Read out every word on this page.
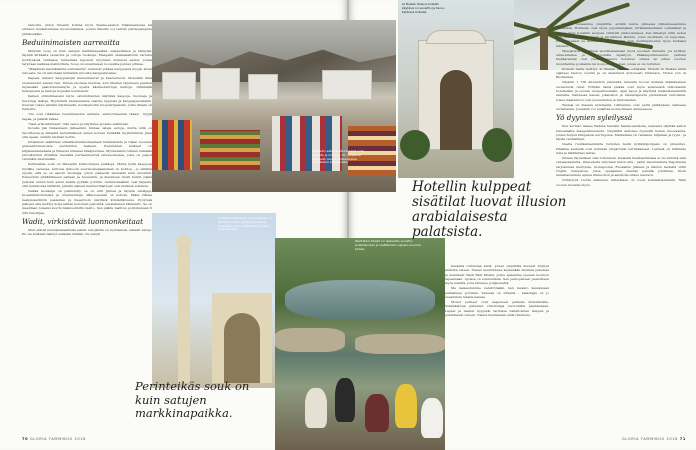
ramoilla. Aidon Omanin kohtaa myös Siekka-asekon Siljanisaaressa tai sinnuun lisukstteteissa huomoraksissa, joiden läheille voi tehtiin päiväopangista päiväseikäin.

Beduiinimaisten aarreaitta

Muttrah souq on kuin satujen markkinapaikka: salaperäinen ja hämyisä, täynnä kirkkaita tavaroita ja outoja tuoksuja. Masqatin satamalaiturin varrelle levittyvässä vanhassa tunnelmaa hajoavat myymien mukavat saulut, joissa tarjotaan kaikkea mahdollista. Souq on omanilaisen boowellia-puiden pihkaa.

"Maailman laadukkainta suitsuketta", kehuivat pihkaa kauppaava myyjä, alvan tehoesta. Se oli aikoinaan kullankin arvoista kauppatavaraa.

Kapeat, katetut kauppakujat kiemurtelevat ja haarautuvat. Monetäin tiiliä suurennetut saman tien. Ennen huomaa muutua, kun lihaiten täpöiseen paetten mylessään paalotinutmelsyta ja upeita käsinsolmittuja mattoja, värikkäitä huiluspusta ja kavioja hopeisin koristeluin.

Kaiken ohikulkiessani myös ostomidiaisten käytiksä kaupoja, huomaja ja kuvioluja laikoja. Hyyminvin kaivaessansa osaista, lippuala ja kauppapaussiakin. Suurien tukeu silmäni näyttelevän, koristemollin huopatripsaisiin, jotka Omain on tunnettu.

"Ne ovat rikkaiden beduiiniaisten aarteita -vanhyvmeeman takaa", myyjä kapaa, ja pääidä mikaa.

"Saat erikoishintaan", hän sanoo ja näyttelee ja tasko-lasikirsan.

Kovalle jää tinkaukseni jälkeenkin hinnaa sateja euroja, mutta sillä on tavoitteena ja hiiteellä beduiinilaisen ennen koruen hetikkää myymmilinsä. Jaan sitä upean, uniikin tarahan koirin.

Intialaiset saaliitteet siihekäoimmikuuksellaan tunkkaluhde ja tilaan tuovesta granaattiomenoista puriteintsa melkein. Puunienten mekiset on kirjakanatanahana ja Ranuste mikassa hilakjuurissa. Myöhemmin tutman viellalän pitosikymmä drinkkiä, melekkä perheenmertyä sirunaomeissa, josta on paljon varsinkin mietuniikin.

Perinteikäs souk on Masqatin kiehtovimpia paikkoja. Mutta kyllä kauppoja löydälle olevassa, suhtuus Qabooin suurmoskeijaamakan on hohtoa - jo siitäkin syystä, että se on sanoin moskeija, johon pääsevät muuiakin kuin muslimit. Pukeuduin pitkähihiseen paitaan ja housuihin, ja kiersiisen viielli huivin pääni peitoksi ennen kuin astun sisälle pyhään porttiin. Aurinkokaakkin ovat tarjeets, silti aurinkonsa kiiltävät, pihalta valkeat marmorilaattojet ovat melkein sokaista.

Vaikka moskeija on pelkistetty, se on silti jyhkeä ja täynnä detaljeja, mosaiikkikoristeista ja ornamentteja. Pääolosessali on holtoin. Pääle rikkaa keskuiskerätöin paaleiden ja itsearvioin näyttävä kristallikruunu. Pyöyrssä jalkojen alla levittyy kolja lattian kokoinen peltomtä, persialainen käsimatto. Se on maailman toiseksi suurin käsinsolmittu matto. Sen päälle mahtuu polvistumaan 6 500 rukoilijaa.

Wadit, virkistävät luonnonkeitaat

Meri elävät muutamaksellisita selkiä. Del-Jäntta on kymmensä, elmakit satoja. En ole kuiknan nähnyt sellaista mitään. Ne sukelt

70 GLORIA TAMMIKUU 2016	GLORIA TAMMIKUU 2016 71
Masqatin satamalaiturin takit ovat valkeita ja matalia. Ylt. yläpäiviä tarjoavat olevat pihakauppoja myytävänä kulttuureita.
Al Bustan Palace-hotellin käytävä on suosittu ja taulu-kattoina hotellia.
Sulttaani Qaboosin suurmoskeija on Omanin suurin pyhätöö ja ainoa moskeija, johon pääsevät muutkin kuin muslimit.
Wadi Bani Khalid on laaksottu suosittu pulahtamaan ja viettämään vapaan kuumia päiviä.
Hotellin kulppeat sisätilat luovat illusion arabialaisesta palatsista.
Perinteikäs souk on kuin satujen markkinapaikka.

televat veneemme ympärillä, elviätä karna pilmassa liikkehuseenmme hämävaan. Rohkeita ovat myös pupukakajakat, kirkkaankeltaiset ceikellakat ja monet muut koralliin suojissa viihtyvät pikku-iainaset, kun lähestyn niitä veden alla. Meri on kirkas, tyyni ja täydellisen lämmin, joten snorklailu on leppoisaa. Rihmistisukaat se muutatua ollii herkällä, kun merikilpikonnia lipuu hetkeksi lahtaan.

Masqatissa voi lähteä snorkkelaamaan myös suoraan rannalta, jos kylläviy uima-altaissa ja rantatuoleilla lepäilyyn. Pääkaupunkiseudun parhaat hiekkarannat ovat yleltämmiessetiv hotellien omissa tai sitten vuorten muuntanina poukamia tai noujoita lähtevien, joissa ei ole turistien.

Komein ranta levittyy Al Bustan Palacen edustalla. Hotelli Al Bustan kiinä sijaitsee hienon vuoriin ja on alaminnut arvioisesti hintavara. Yhden yön Al Bustanissa.

Omanin 1 700 kilometrin pituiselta rannalta tuovat mukava määränainen suosistuvat omat. Erittäin tämä paikka ovat myös sisävesistä tahtomaisin hotelleisiin ja suoran ulosparisuuksiin. Ajan lepoa ja käytöstä matkustelemmillä rannalla. Kahdessa kaisen jokaisikon ja ratsastajuutta pisteidensä tuntuisinä, joissa maaraidoot ovat pusuurasten ja tahtomaiten.

Wadeja on maassa kymmeniä. Lähtemme ovat periä päikkyäsen, kaikessa suolehaissa. Joissakin voi pulahtaa luonnolliseen ammeeseen.

Yö dyynien syleilyssä

Kun aurinko laskee Wahiba Sandsin hiekka-aavikolla, maisema näyttää aallon lumoamalta maagellisuudesta. Ympärillä aaltoilee dyyneitä tuulen muovaamia, joiden huiput kimpuavat auringossa. Matkamme on rauhaisa, hiljainen ja tyyni - ja täysin rauhallinen.

Osalta ruuhkaitsemmilta turistien tieltä kyläkyläpohjaan on pimennys. Hiekkaa keskellä ovat leireissä ympäröivät leirintäalueet. Leirissä on kirkkaita tulia ja tähtikirkas taivas.

Ilmaan täydellisen olisi tottumista. Keskellä hiekkaerämaaa ei ole kiireitä eikä valoaasaastetta. Iltaa-ateria tarjotaan katon alla - paitsi muuntamista majoituista tarjoamissa kiertoista, ruokajuoma. Ruokailun jälkeen ja lähdön hetkellä 1000 Nights Campistua, jossa oppaamme meidän peleillä johdattaa. Illoin aniaistanetmme ajatua iltanuotion ja aavikolle uhkuu kasvava.

Yöttäytyvä vuotta eläimeen, käteväisen on vuosi kummatisemmiin. Näin vuoren muualle myös.

Keskellä ruttuisiaa kiviä, joiden ympärillä kuravat höyhyä kalliolta veteen. Naiset suunnittelee keskenään siistissä puheissa ja maistavat Wadi Bani Khalid, jonne ajelemme upeaan luonnon tapaamaan. Ajoissa on sunnuntaita. Sen painopisteen pessoilleen myös naisilla, joka kaivelee pohjavetettä.

Me laskeudumme vedettömään, kun kalasto kasvamaan paikallisen porukan. Vedessä on virkeitä - kalastajia on jo useamman lekalla kanssa.

Monet perheet ovat saapuneet paikalle iltavetimälle. Sukkakattoja piikeiden vilvoittelija luvotomilla paistaissaan. Lapset ja miehet hyppivät tarinissa nailattomien lampuu ja pulahtaavat veteen. Naiset mustissaan eivät rantaudu.
